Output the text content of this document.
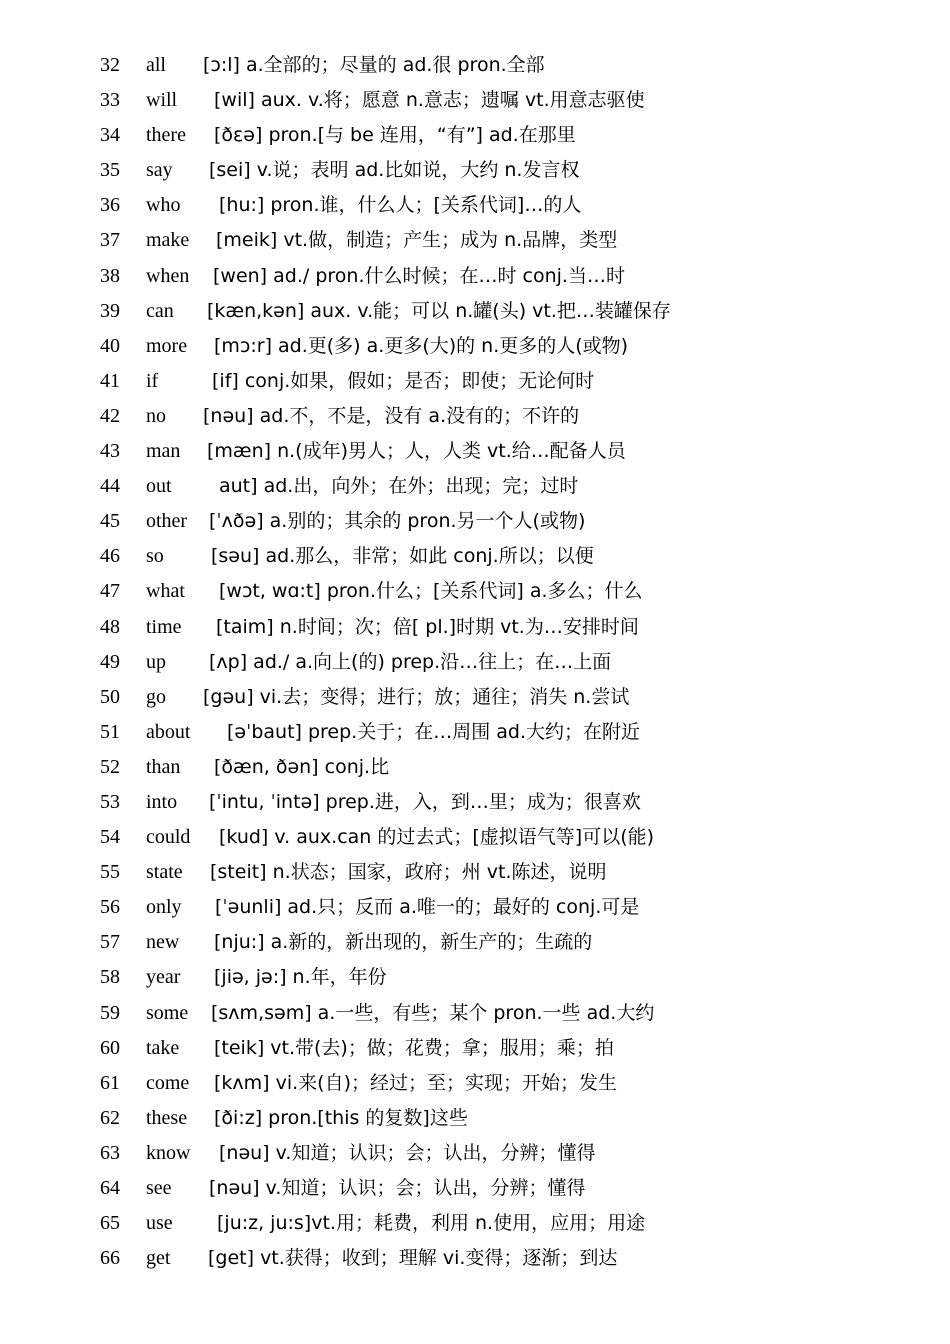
32	all [ɔ:l] a.全部的；尽量的 ad.很 pron.全部
33	will [wil] aux. v.将；愿意 n.意志；遗嘱 vt.用意志驱使
34	there [ðεə] pron.[与 be 连用，“有”] ad.在那里
35	say [sei] v.说；表明 ad.比如说，大约 n.发言权
36	who [hu:] pron.谁，什么人；[关系代词]…的人
37	make [meik] vt.做，制造；产生；成为 n.品牌，类型
38	when [wen] ad./ pron.什么时候；在…时 conj.当…时
39	can [kæn,kən] aux. v.能；可以 n.罐(头) vt.把…装罐保存
40	more [mɔ:r] ad.更(多) a.更多(大)的 n.更多的人(或物)
41	if	[if] conj.如果，假如；是否；即使；无论何时
42	no [nəu] ad.不，不是，没有 a.没有的；不许的
43	man [mæn] n.(成年)男人；人，人类 vt.给…配备人员
44	out aut] ad.出，向外；在外；出现；完；过时
45	other [ˈʌðə] a.别的；其余的 pron.另一个人(或物)
46	so [səu] ad.那么，非常；如此 conj.所以；以便
47	what [wɔt, wɑ:t] pron.什么；[关系代词] a.多么；什么
48	time [taim] n.时间；次；倍[ pl.]时期 vt.为…安排时间
49	up [ʌp] ad./ a.向上(的) prep.沿…往上；在…上面
50	go [gəu] vi.去；变得；进行；放；通往；消失 n.尝试
51	about [əˈbaut] prep.关于；在…周围 ad.大约；在附近
52	than [ðæn, ðən] conj.比
53	into [ˈintu, ˈintə] prep.进，入，到…里；成为；很喜欢
54	could [kud] v. aux.can 的过去式；[虚拟语气等]可以(能)
55	state [steit] n.状态；国家，政府；州 vt.陈述，说明
56	only [ˈəunli] ad.只；反而 a.唯一的；最好的 conj.可是
57	new [nju:] a.新的，新出现的，新生产的；生疏的
58	year [jiə, jə:] n.年，年份
59	some [sʌm,səm] a.一些，有些；某个 pron.一些 ad.大约
60	take [teik] vt.带(去)；做；花费；拿；服用；乘；拍
61	come [kʌm] vi.来(自)；经过；至；实现；开始；发生
62	these [ði:z] pron.[this 的复数]这些
63	know [nəu] v.知道；认识；会；认出，分辨；懂得
64	see [nəu] v.知道；认识；会；认出，分辨；懂得
65	use [ju:z, ju:s]vt.用；耗费，利用 n.使用，应用；用途
66	get [get] vt.获得；收到；理解 vi.变得；逐渐；到达
